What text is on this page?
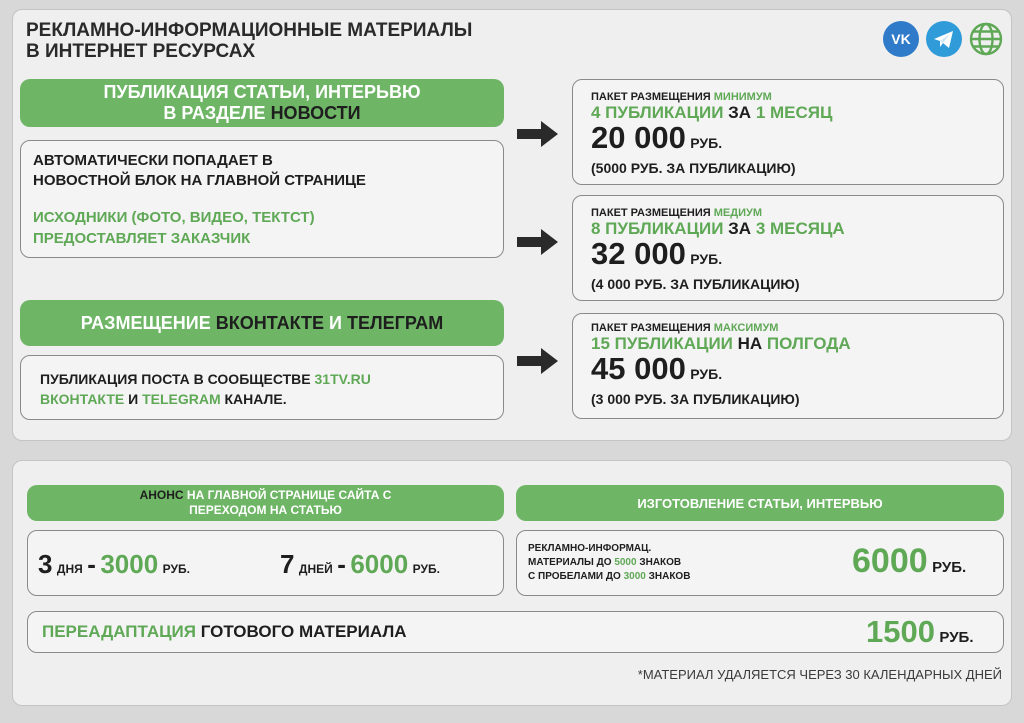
РЕКЛАМНО-ИНФОРМАЦИОННЫЕ МАТЕРИАЛЫ
В ИНТЕРНЕТ РЕСУРСАХ
VK
ПУБЛИКАЦИЯ СТАТЬИ, ИНТЕРЬВЮ
В РАЗДЕЛЕ НОВОСТИ
АВТОМАТИЧЕСКИ ПОПАДАЕТ В
НОВОСТНОЙ БЛОК НА ГЛАВНОЙ СТРАНИЦЕ
ИСХОДНИКИ (ФОТО, ВИДЕО, ТЕКТСТ)
ПРЕДОСТАВЛЯЕТ ЗАКАЗЧИК
РАЗМЕЩЕНИЕ ВКОНТАКТЕ И ТЕЛЕГРАМ
ПУБЛИКАЦИЯ ПОСТА В СООБЩЕСТВЕ 31TV.RU
ВКОНТАКТЕ И TELEGRAM КАНАЛЕ.
ПАКЕТ РАЗМЕЩЕНИЯ МИНИМУМ
4 ПУБЛИКАЦИИ ЗА 1 МЕСЯЦ
20 000 РУБ.
(5000 РУБ. ЗА ПУБЛИКАЦИЮ)
ПАКЕТ РАЗМЕЩЕНИЯ МЕДИУМ
8 ПУБЛИКАЦИИ ЗА 3 МЕСЯЦА
32 000 РУБ.
(4 000 РУБ. ЗА ПУБЛИКАЦИЮ)
ПАКЕТ РАЗМЕЩЕНИЯ МАКСИМУМ
15 ПУБЛИКАЦИИ НА ПОЛГОДА
45 000 РУБ.
(3 000 РУБ. ЗА ПУБЛИКАЦИЮ)
АНОНС НА ГЛАВНОЙ СТРАНИЦЕ САЙТА С
ПЕРЕХОДОМ НА СТАТЬЮ
3 ДНЯ - 3000 РУБ.	7 ДНЕЙ - 6000 РУБ.
ИЗГОТОВЛЕНИЕ СТАТЬИ, ИНТЕРВЬЮ
РЕКЛАМНО-ИНФОРМАЦ.
МАТЕРИАЛЫ ДО 5000 ЗНАКОВ
С ПРОБЕЛАМИ ДО 3000 ЗНАКОВ	6000 РУБ.
ПЕРЕАДАПТАЦИЯ ГОТОВОГО МАТЕРИАЛА	1500 РУБ.
*МАТЕРИАЛ УДАЛЯЕТСЯ ЧЕРЕЗ 30 КАЛЕНДАРНЫХ ДНЕЙ
